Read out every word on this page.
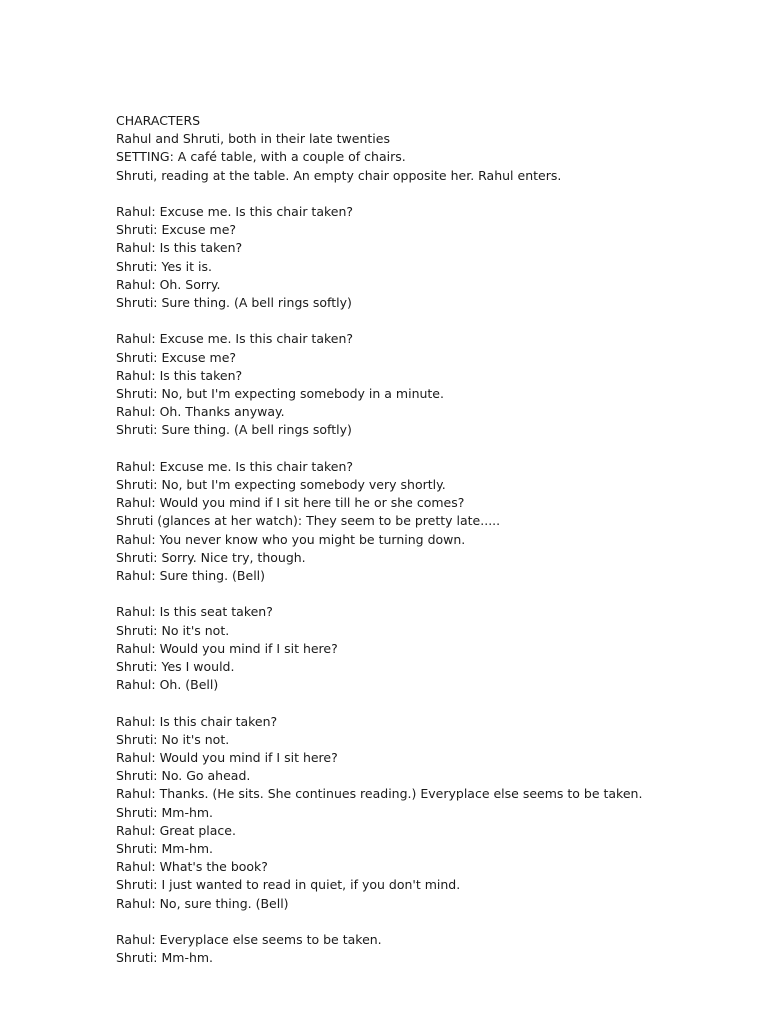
CHARACTERS

Rahul and Shruti, both in their late twenties

SETTING: A café table, with a couple of chairs.

Shruti, reading at the table. An empty chair opposite her. Rahul enters.

Rahul: Excuse me. Is this chair taken?

Shruti: Excuse me?

Rahul: Is this taken?

Shruti: Yes it is.

Rahul: Oh. Sorry.

Shruti: Sure thing. (A bell rings softly)

Rahul: Excuse me. Is this chair taken?

Shruti: Excuse me?

Rahul: Is this taken?

Shruti: No, but I'm expecting somebody in a minute.

Rahul: Oh. Thanks anyway.

Shruti: Sure thing. (A bell rings softly)

Rahul: Excuse me. Is this chair taken?

Shruti: No, but I'm expecting somebody very shortly.

Rahul: Would you mind if I sit here till he or she comes?

Shruti (glances at her watch): They seem to be pretty late.....

Rahul: You never know who you might be turning down.

Shruti: Sorry. Nice try, though.

Rahul: Sure thing. (Bell)

Rahul: Is this seat taken?

Shruti: No it's not.

Rahul: Would you mind if I sit here?

Shruti: Yes I would.

Rahul: Oh. (Bell)

Rahul: Is this chair taken?

Shruti: No it's not.

Rahul: Would you mind if I sit here?

Shruti: No. Go ahead.

Rahul: Thanks. (He sits. She continues reading.) Everyplace else seems to be taken.

Shruti: Mm-hm.

Rahul: Great place.

Shruti: Mm-hm.

Rahul: What's the book?

Shruti: I just wanted to read in quiet, if you don't mind.

Rahul: No, sure thing. (Bell)

Rahul: Everyplace else seems to be taken.

Shruti: Mm-hm.
